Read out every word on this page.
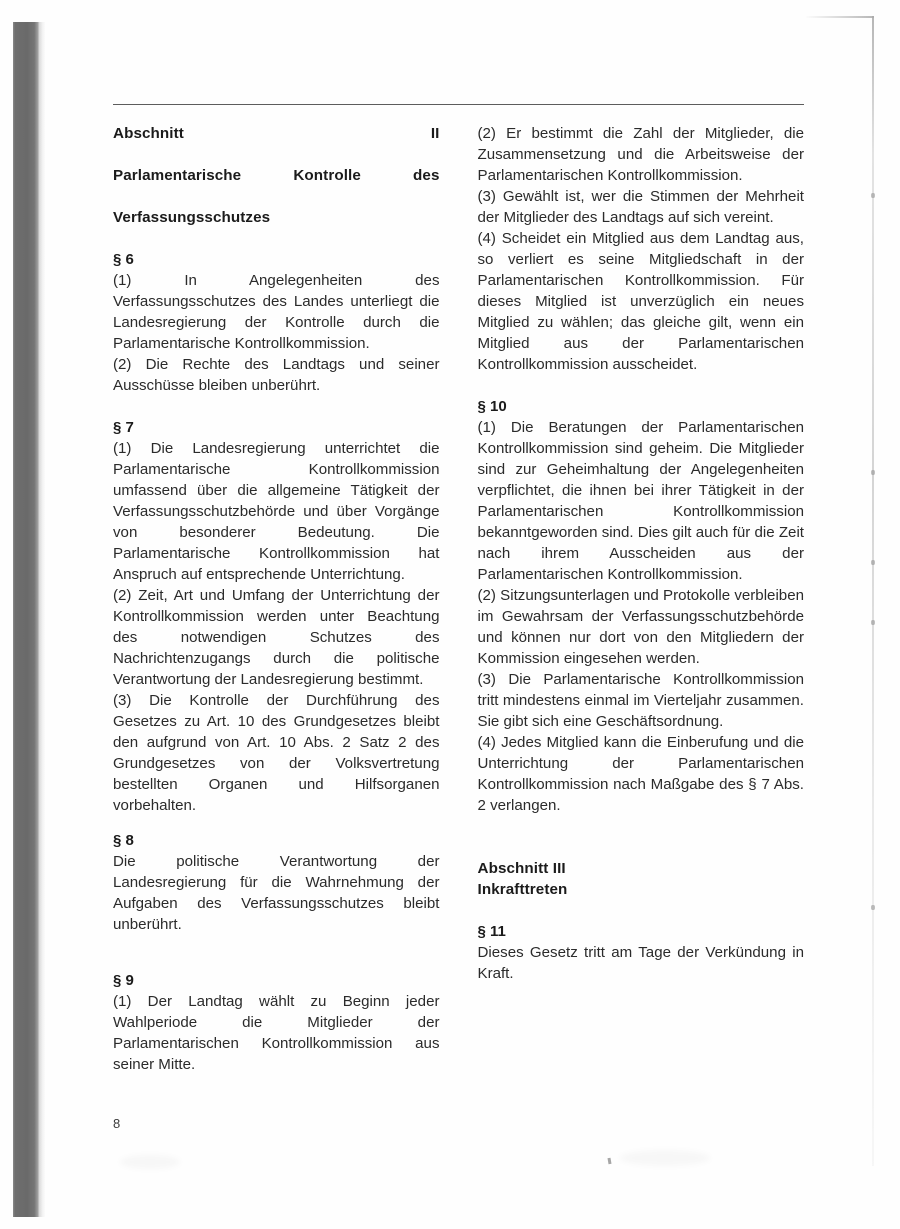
Abschnitt II
Parlamentarische Kontrolle des
Verfassungsschutzes
§ 6

(1) In Angelegenheiten des Verfassungsschutzes des Landes unterliegt die Landesregierung der Kontrolle durch die Parlamentarische Kontrollkommission.

(2) Die Rechte des Landtags und seiner Ausschüsse bleiben unberührt.

§ 7

(1) Die Landesregierung unterrichtet die Parlamentarische Kontrollkommission umfassend über die allgemeine Tätigkeit der Verfassungsschutzbehörde und über Vorgänge von besonderer Bedeutung. Die Parlamentarische Kontrollkommission hat Anspruch auf entsprechende Unterrichtung.

(2) Zeit, Art und Umfang der Unterrichtung der Kontrollkommission werden unter Beachtung des notwendigen Schutzes des Nachrichtenzugangs durch die politische Verantwortung der Landesregierung bestimmt.

(3) Die Kontrolle der Durchführung des Gesetzes zu Art. 10 des Grundgesetzes bleibt den aufgrund von Art. 10 Abs. 2 Satz 2 des Grundgesetzes von der Volksvertretung bestellten Organen und Hilfsorganen vorbehalten.

§ 8

Die politische Verantwortung der Landesregierung für die Wahrnehmung der Aufgaben des Verfassungsschutzes bleibt unberührt.

§ 9

(1) Der Landtag wählt zu Beginn jeder Wahlperiode die Mitglieder der Parlamentarischen Kontrollkommission aus seiner Mitte.

8

(2) Er bestimmt die Zahl der Mitglieder, die Zusammensetzung und die Arbeitsweise der Parlamentarischen Kontrollkommission.

(3) Gewählt ist, wer die Stimmen der Mehrheit der Mitglieder des Landtags auf sich vereint.

(4) Scheidet ein Mitglied aus dem Landtag aus, so verliert es seine Mitgliedschaft in der Parlamentarischen Kontrollkommission. Für dieses Mitglied ist unverzüglich ein neues Mitglied zu wählen; das gleiche gilt, wenn ein Mitglied aus der Parlamentarischen Kontrollkommission ausscheidet.

§ 10

(1) Die Beratungen der Parlamentarischen Kontrollkommission sind geheim. Die Mitglieder sind zur Geheimhaltung der Angelegenheiten verpflichtet, die ihnen bei ihrer Tätigkeit in der Parlamentarischen Kontrollkommission bekanntgeworden sind. Dies gilt auch für die Zeit nach ihrem Ausscheiden aus der Parlamentarischen Kontrollkommission.

(2) Sitzungsunterlagen und Protokolle verbleiben im Gewahrsam der Verfassungsschutzbehörde und können nur dort von den Mitgliedern der Kommission eingesehen werden.

(3) Die Parlamentarische Kontrollkommission tritt mindestens einmal im Vierteljahr zusammen. Sie gibt sich eine Geschäftsordnung.

(4) Jedes Mitglied kann die Einberufung und die Unterrichtung der Parlamentarischen Kontrollkommission nach Maßgabe des § 7 Abs. 2 verlangen.

Abschnitt III
Inkrafttreten
§ 11

Dieses Gesetz tritt am Tage der Verkündung in Kraft.
